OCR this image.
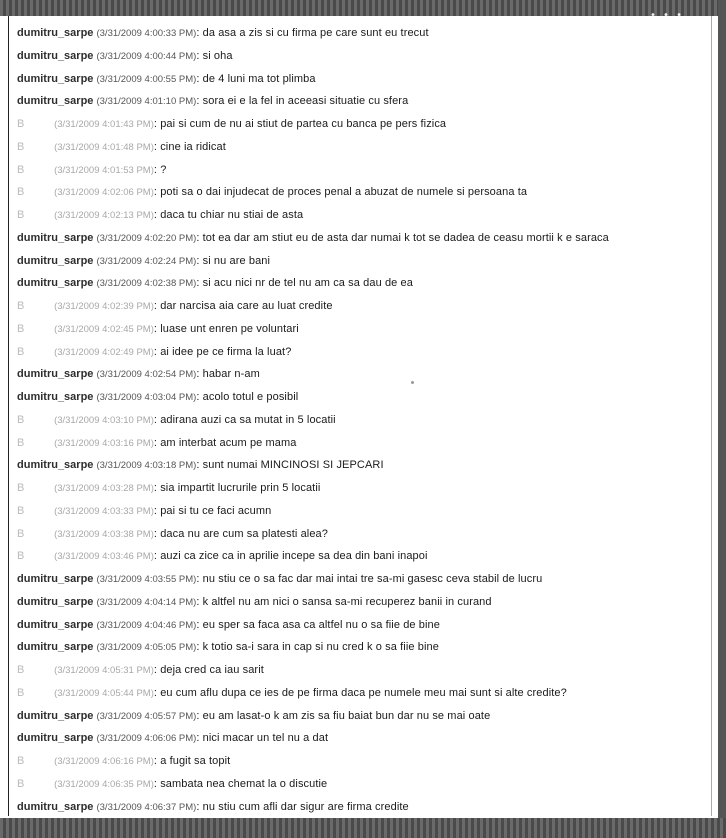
dumitru_sarpe (3/31/2009 4:00:33 PM): da asa a zis si cu firma pe care sunt eu trecut
dumitru_sarpe (3/31/2009 4:00:44 PM): si oha
dumitru_sarpe (3/31/2009 4:00:55 PM): de 4 luni ma tot plimba
dumitru_sarpe (3/31/2009 4:01:10 PM): sora ei e la fel in aceeasi situatie cu sfera
B	(3/31/2009 4:01:43 PM): pai si cum de nu ai stiut de partea cu banca pe pers fizica
B	(3/31/2009 4:01:48 PM): cine ia ridicat
B	(3/31/2009 4:01:53 PM): ?
B	(3/31/2009 4:02:06 PM): poti sa o dai injudecat de proces penal a abuzat de numele si persoana ta
B	(3/31/2009 4:02:13 PM): daca tu chiar nu stiai de asta
dumitru_sarpe (3/31/2009 4:02:20 PM): tot ea dar am stiut eu de asta dar numai k tot se dadea de ceasu mortii k e saraca
dumitru_sarpe (3/31/2009 4:02:24 PM): si nu are bani
dumitru_sarpe (3/31/2009 4:02:38 PM): si acu nici nr de tel nu am ca sa dau de ea
B	(3/31/2009 4:02:39 PM): dar narcisa aia care au luat credite
B	(3/31/2009 4:02:45 PM): luase unt enren pe voluntari
B	(3/31/2009 4:02:49 PM): ai idee pe ce firma la luat?
dumitru_sarpe (3/31/2009 4:02:54 PM): habar n-am
dumitru_sarpe (3/31/2009 4:03:04 PM): acolo totul e posibil
B	(3/31/2009 4:03:10 PM): adirana auzi ca sa mutat in 5 locatii
B	(3/31/2009 4:03:16 PM): am interbat acum pe mama
dumitru_sarpe (3/31/2009 4:03:18 PM): sunt numai MINCINOSI SI JEPCARI
B	(3/31/2009 4:03:28 PM): sia impartit lucrurile prin 5 locatii
B	(3/31/2009 4:03:33 PM): pai si tu ce faci acumn
B	(3/31/2009 4:03:38 PM): daca nu are cum sa platesti alea?
B	(3/31/2009 4:03:46 PM): auzi ca zice ca in aprilie incepe sa dea din bani inapoi
dumitru_sarpe (3/31/2009 4:03:55 PM): nu stiu ce o sa fac dar mai intai tre sa-mi gasesc ceva stabil de lucru
dumitru_sarpe (3/31/2009 4:04:14 PM): k altfel nu am nici o sansa sa-mi recuperez banii in curand
dumitru_sarpe (3/31/2009 4:04:46 PM): eu sper sa faca asa ca altfel nu o sa fiie de bine
dumitru_sarpe (3/31/2009 4:05:05 PM): k totio sa-i sara in cap si nu cred k o sa fiie bine
B	(3/31/2009 4:05:31 PM): deja cred ca iau sarit
B	(3/31/2009 4:05:44 PM): eu cum aflu dupa ce ies de pe firma daca pe numele meu mai sunt si alte credite?
dumitru_sarpe (3/31/2009 4:05:57 PM): eu am lasat-o k am zis sa fiu baiat bun dar nu se mai oate
dumitru_sarpe (3/31/2009 4:06:06 PM): nici macar un tel nu a dat
B	(3/31/2009 4:06:16 PM): a fugit sa topit
B	(3/31/2009 4:06:35 PM): sambata nea chemat la o discutie
dumitru_sarpe (3/31/2009 4:06:37 PM): nu stiu cum afli dar sigur are firma credite
